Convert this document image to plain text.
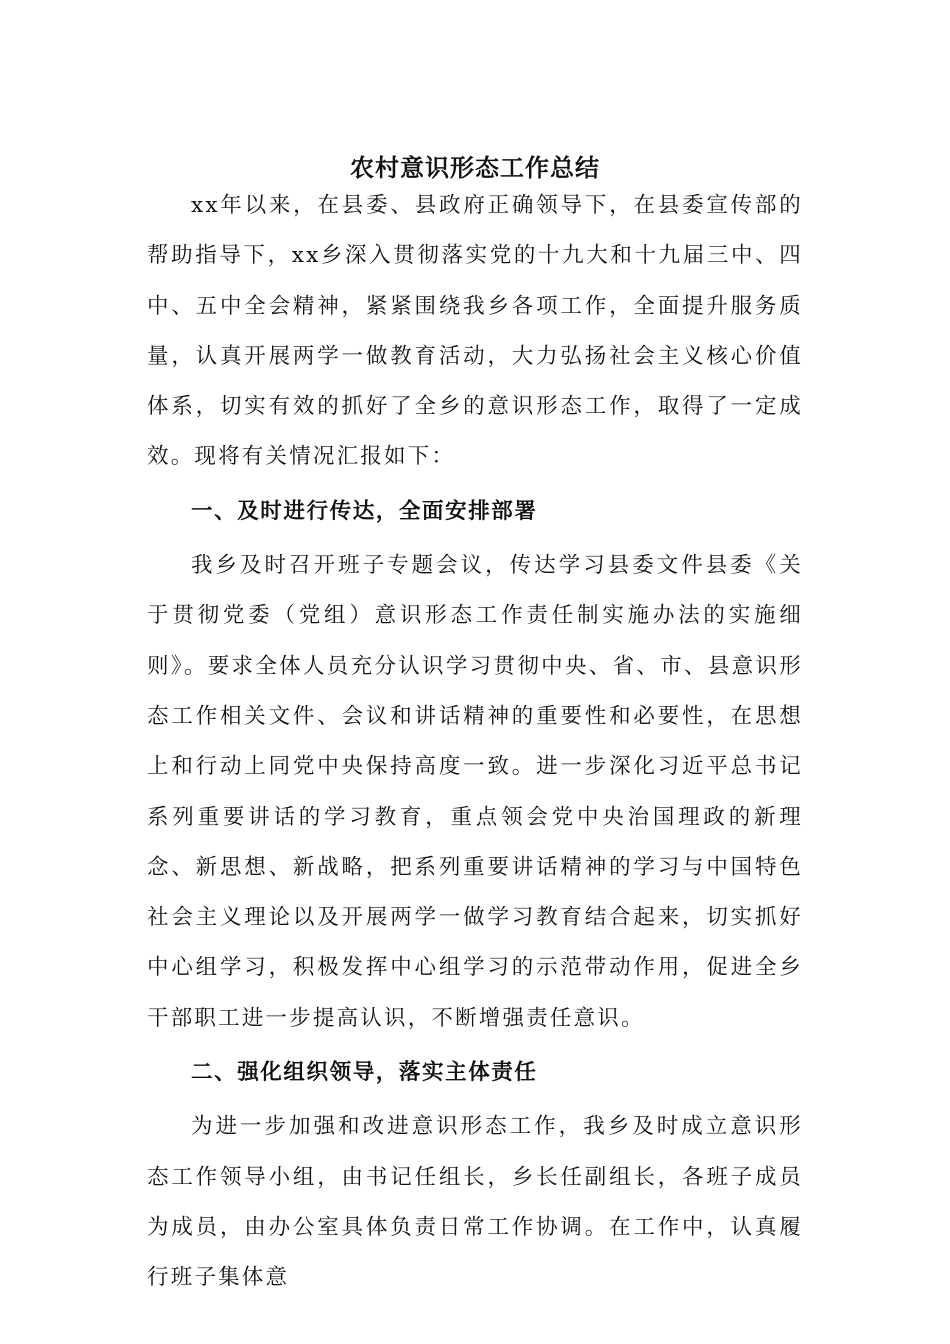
农村意识形态工作总结

xx年以来，在县委、县政府正确领导下，在县委宣传部的帮助指导下，xx乡深入贯彻落实党的十九大和十九届三中、四中、五中全会精神，紧紧围绕我乡各项工作，全面提升服务质量，认真开展两学一做教育活动，大力弘扬社会主义核心价值体系，切实有效的抓好了全乡的意识形态工作，取得了一定成效。现将有关情况汇报如下：

一、及时进行传达，全面安排部署

我乡及时召开班子专题会议，传达学习县委文件县委《关于贯彻党委（党组）意识形态工作责任制实施办法的实施细则》。要求全体人员充分认识学习贯彻中央、省、市、县意识形态工作相关文件、会议和讲话精神的重要性和必要性，在思想上和行动上同党中央保持高度一致。进一步深化习近平总书记系列重要讲话的学习教育，重点领会党中央治国理政的新理念、新思想、新战略，把系列重要讲话精神的学习与中国特色社会主义理论以及开展两学一做学习教育结合起来，切实抓好中心组学习，积极发挥中心组学习的示范带动作用，促进全乡干部职工进一步提高认识，不断增强责任意识。

二、强化组织领导，落实主体责任

为进一步加强和改进意识形态工作，我乡及时成立意识形态工作领导小组，由书记任组长，乡长任副组长，各班子成员为成员，由办公室具体负责日常工作协调。在工作中，认真履行班子集体意
